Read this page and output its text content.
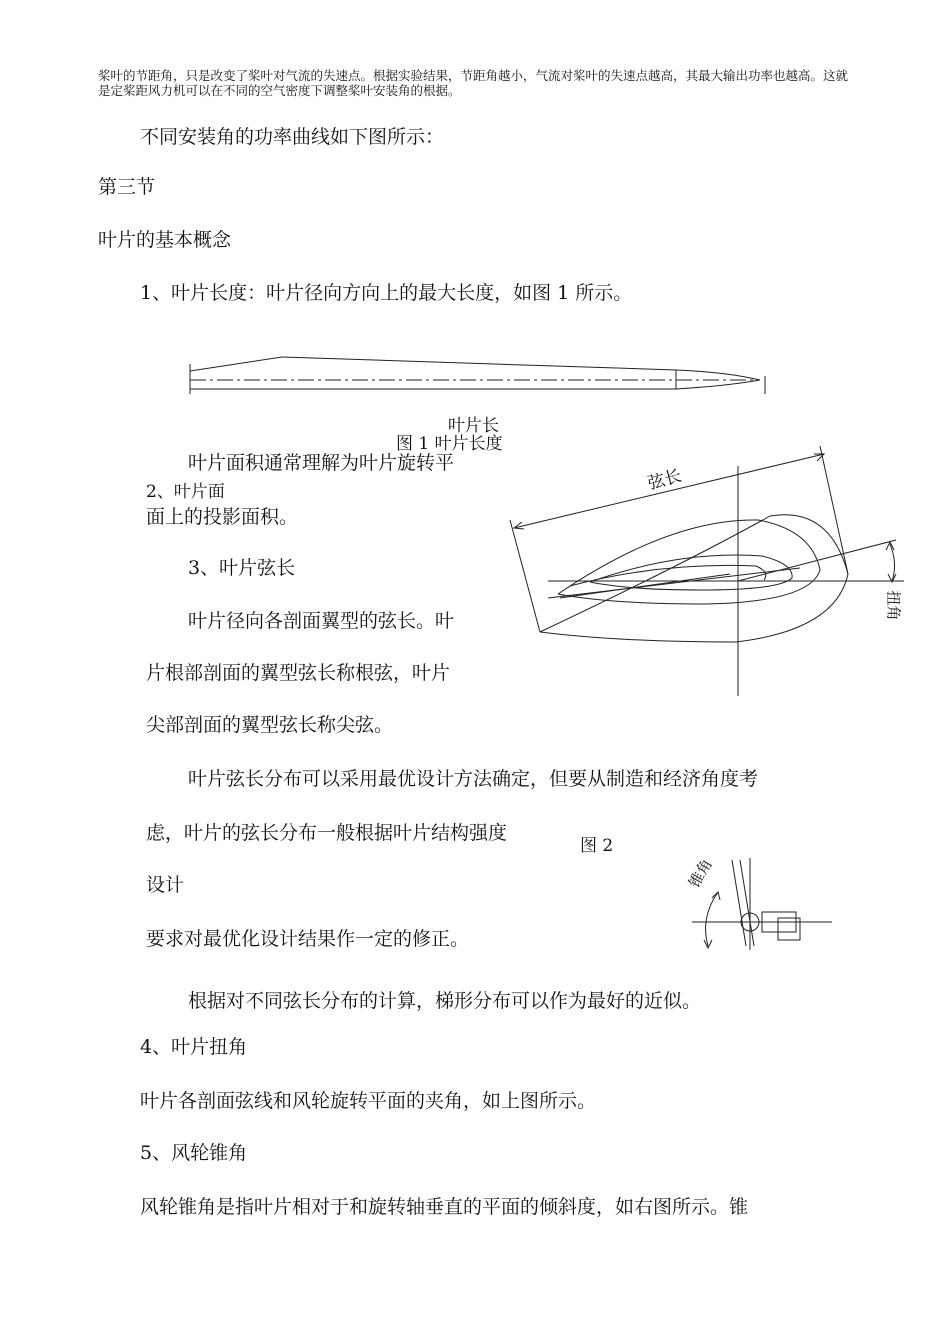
桨叶的节距角，只是改变了桨叶对气流的失速点。根据实验结果，节距角越小，气流对桨叶的失速点越高，其最大输出功率也越高。这就是定桨距风力机可以在不同的空气密度下调整桨叶安装角的根据。
不同安装角的功率曲线如下图所示：
第三节
叶片的基本概念
1、叶片长度：叶片径向方向上的最大长度，如图 1 所示。
叶片长
图 1 叶片长度
叶片面积通常理解为叶片旋转平
2、叶片面
面上的投影面积。
3、叶片弦长
叶片径向各剖面翼型的弦长。叶
片根部剖面的翼型弦长称根弦，叶片
尖部剖面的翼型弦长称尖弦。
弦长
扭角
叶片弦长分布可以采用最优设计方法确定，但要从制造和经济角度考
虑，叶片的弦长分布一般根据叶片结构强度
图 2
设计
要求对最优化设计结果作一定的修正。
锥角
根据对不同弦长分布的计算，梯形分布可以作为最好的近似。
4、叶片扭角
叶片各剖面弦线和风轮旋转平面的夹角，如上图所示。
5、风轮锥角
风轮锥角是指叶片相对于和旋转轴垂直的平面的倾斜度，如右图所示。锥
